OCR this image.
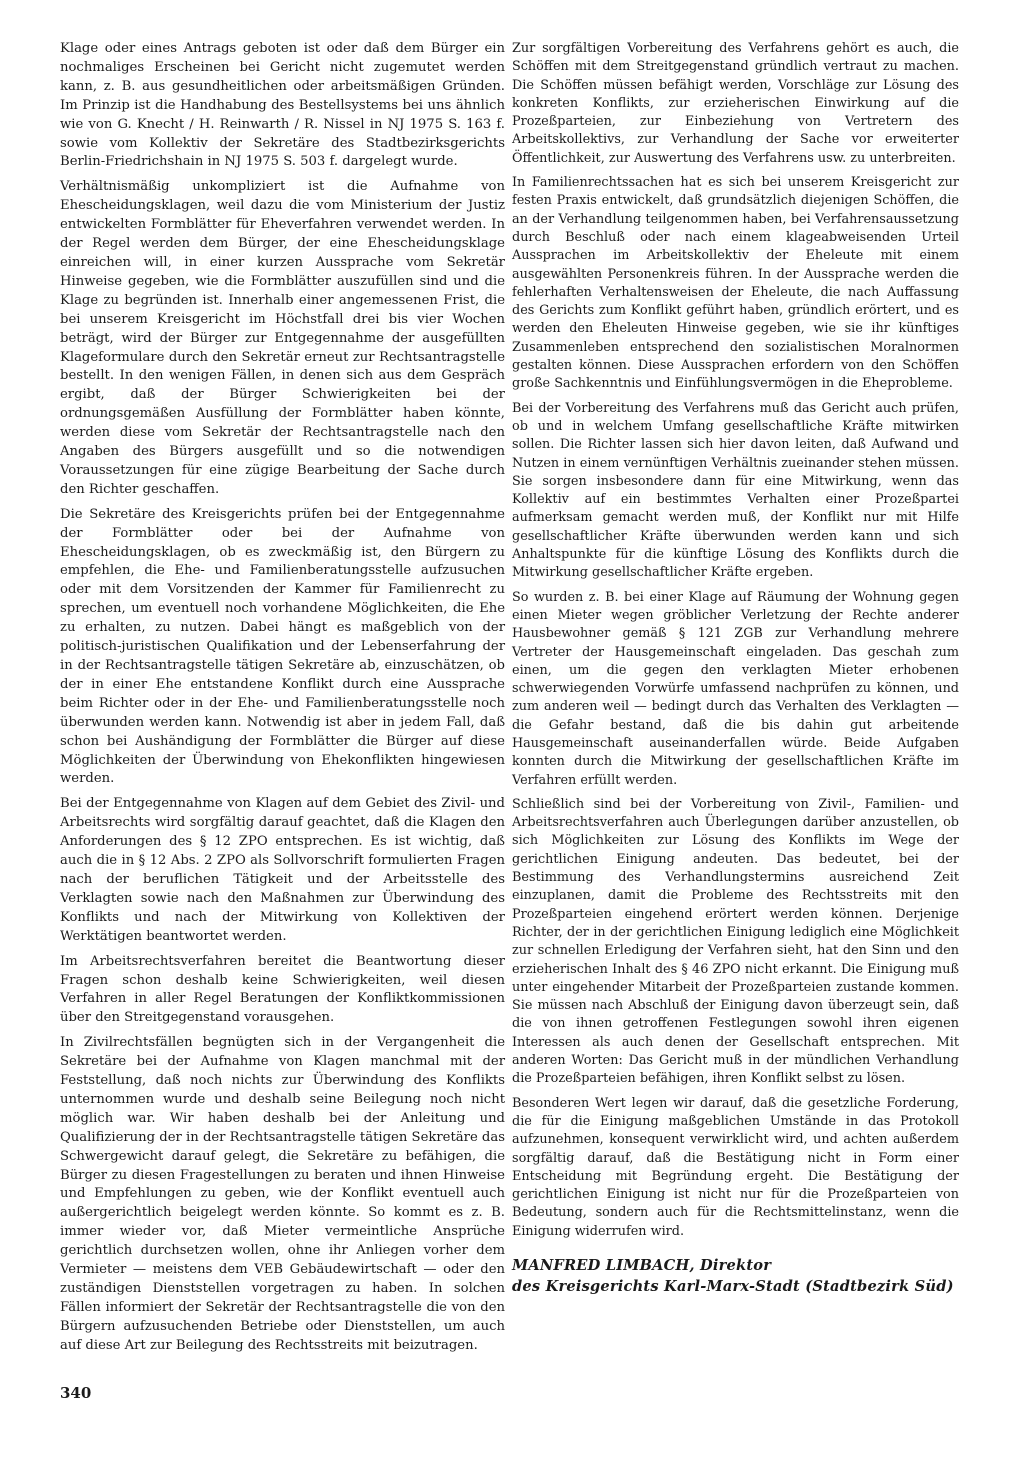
Klage oder eines Antrags geboten ist oder daß dem Bürger ein nochmaliges Erscheinen bei Gericht nicht zugemutet werden kann, z. B. aus gesundheitlichen oder arbeitsmäßigen Gründen. Im Prinzip ist die Handhabung des Bestellsystems bei uns ähnlich wie von G. Knecht / H. Reinwarth / R. Nissel in NJ 1975 S. 163 f. sowie vom Kollektiv der Sekretäre des Stadtbezirksgerichts Berlin-Friedrichshain in NJ 1975 S. 503 f. dargelegt wurde.

Verhältnismäßig unkompliziert ist die Aufnahme von Ehescheidungsklagen, weil dazu die vom Ministerium der Justiz entwickelten Formblätter für Eheverfahren verwendet werden. In der Regel werden dem Bürger, der eine Ehescheidungsklage einreichen will, in einer kurzen Aussprache vom Sekretär Hinweise gegeben, wie die Formblätter auszufüllen sind und die Klage zu begründen ist. Innerhalb einer angemessenen Frist, die bei unserem Kreisgericht im Höchstfall drei bis vier Wochen beträgt, wird der Bürger zur Entgegennahme der ausgefüllten Klageformulare durch den Sekretär erneut zur Rechtsantragstelle bestellt. In den wenigen Fällen, in denen sich aus dem Gespräch ergibt, daß der Bürger Schwierigkeiten bei der ordnungsgemäßen Ausfüllung der Formblätter haben könnte, werden diese vom Sekretär der Rechtsantragstelle nach den Angaben des Bürgers ausgefüllt und so die notwendigen Voraussetzungen für eine zügige Bearbeitung der Sache durch den Richter geschaffen.

Die Sekretäre des Kreisgerichts prüfen bei der Entgegennahme der Formblätter oder bei der Aufnahme von Ehescheidungsklagen, ob es zweckmäßig ist, den Bürgern zu empfehlen, die Ehe- und Familienberatungsstelle aufzusuchen oder mit dem Vorsitzenden der Kammer für Familienrecht zu sprechen, um eventuell noch vorhandene Möglichkeiten, die Ehe zu erhalten, zu nutzen. Dabei hängt es maßgeblich von der politisch-juristischen Qualifikation und der Lebenserfahrung der in der Rechtsantragstelle tätigen Sekretäre ab, einzuschätzen, ob der in einer Ehe entstandene Konflikt durch eine Aussprache beim Richter oder in der Ehe- und Familienberatungsstelle noch überwunden werden kann. Notwendig ist aber in jedem Fall, daß schon bei Aushändigung der Formblätter die Bürger auf diese Möglichkeiten der Überwindung von Ehekonflikten hingewiesen werden.

Bei der Entgegennahme von Klagen auf dem Gebiet des Zivil- und Arbeitsrechts wird sorgfältig darauf geachtet, daß die Klagen den Anforderungen des § 12 ZPO entsprechen. Es ist wichtig, daß auch die in § 12 Abs. 2 ZPO als Sollvorschrift formulierten Fragen nach der beruflichen Tätigkeit und der Arbeitsstelle des Verklagten sowie nach den Maßnahmen zur Überwindung des Konflikts und nach der Mitwirkung von Kollektiven der Werktätigen beantwortet werden.

Im Arbeitsrechtsverfahren bereitet die Beantwortung dieser Fragen schon deshalb keine Schwierigkeiten, weil diesen Verfahren in aller Regel Beratungen der Konfliktkommissionen über den Streitgegenstand vorausgehen.

In Zivilrechtsfällen begnügten sich in der Vergangenheit die Sekretäre bei der Aufnahme von Klagen manchmal mit der Feststellung, daß noch nichts zur Überwindung des Konflikts unternommen wurde und deshalb seine Beilegung noch nicht möglich war. Wir haben deshalb bei der Anleitung und Qualifizierung der in der Rechtsantragstelle tätigen Sekretäre das Schwergewicht darauf gelegt, die Sekretäre zu befähigen, die Bürger zu diesen Fragestellungen zu beraten und ihnen Hinweise und Empfehlungen zu geben, wie der Konflikt eventuell auch außergerichtlich beigelegt werden könnte. So kommt es z. B. immer wieder vor, daß Mieter vermeintliche Ansprüche gerichtlich durchsetzen wollen, ohne ihr Anliegen vorher dem Vermieter — meistens dem VEB Gebäudewirtschaft — oder den zuständigen Dienststellen vorgetragen zu haben. In solchen Fällen informiert der Sekretär der Rechtsantragstelle die von den Bürgern aufzusuchenden Betriebe oder Dienststellen, um auch auf diese Art zur Beilegung des Rechtsstreits mit beizutragen.

Zur sorgfältigen Vorbereitung des Verfahrens gehört es auch, die Schöffen mit dem Streitgegenstand gründlich vertraut zu machen. Die Schöffen müssen befähigt werden, Vorschläge zur Lösung des konkreten Konflikts, zur erzieherischen Einwirkung auf die Prozeßparteien, zur Einbeziehung von Vertretern des Arbeitskollektivs, zur Verhandlung der Sache vor erweiterter Öffentlichkeit, zur Auswertung des Verfahrens usw. zu unterbreiten.

In Familienrechtssachen hat es sich bei unserem Kreisgericht zur festen Praxis entwickelt, daß grundsätzlich diejenigen Schöffen, die an der Verhandlung teilgenommen haben, bei Verfahrensaussetzung durch Beschluß oder nach einem klageabweisenden Urteil Aussprachen im Arbeitskollektiv der Eheleute mit einem ausgewählten Personenkreis führen. In der Aussprache werden die fehlerhaften Verhaltensweisen der Eheleute, die nach Auffassung des Gerichts zum Konflikt geführt haben, gründlich erörtert, und es werden den Eheleuten Hinweise gegeben, wie sie ihr künftiges Zusammenleben entsprechend den sozialistischen Moralnormen gestalten können. Diese Aussprachen erfordern von den Schöffen große Sachkenntnis und Einfühlungsvermögen in die Eheprobleme.

Bei der Vorbereitung des Verfahrens muß das Gericht auch prüfen, ob und in welchem Umfang gesellschaftliche Kräfte mitwirken sollen. Die Richter lassen sich hier davon leiten, daß Aufwand und Nutzen in einem vernünftigen Verhältnis zueinander stehen müssen. Sie sorgen insbesondere dann für eine Mitwirkung, wenn das Kollektiv auf ein bestimmtes Verhalten einer Prozeßpartei aufmerksam gemacht werden muß, der Konflikt nur mit Hilfe gesellschaftlicher Kräfte überwunden werden kann und sich Anhaltspunkte für die künftige Lösung des Konflikts durch die Mitwirkung gesellschaftlicher Kräfte ergeben.

So wurden z. B. bei einer Klage auf Räumung der Wohnung gegen einen Mieter wegen gröblicher Verletzung der Rechte anderer Hausbewohner gemäß § 121 ZGB zur Verhandlung mehrere Vertreter der Hausgemeinschaft eingeladen. Das geschah zum einen, um die gegen den verklagten Mieter erhobenen schwerwiegenden Vorwürfe umfassend nachprüfen zu können, und zum anderen weil — bedingt durch das Verhalten des Verklagten — die Gefahr bestand, daß die bis dahin gut arbeitende Hausgemeinschaft auseinanderfallen würde. Beide Aufgaben konnten durch die Mitwirkung der gesellschaftlichen Kräfte im Verfahren erfüllt werden.

Schließlich sind bei der Vorbereitung von Zivil-, Familien- und Arbeitsrechtsverfahren auch Überlegungen darüber anzustellen, ob sich Möglichkeiten zur Lösung des Konflikts im Wege der gerichtlichen Einigung andeuten. Das bedeutet, bei der Bestimmung des Verhandlungstermins ausreichend Zeit einzuplanen, damit die Probleme des Rechtsstreits mit den Prozeßparteien eingehend erörtert werden können. Derjenige Richter, der in der gerichtlichen Einigung lediglich eine Möglichkeit zur schnellen Erledigung der Verfahren sieht, hat den Sinn und den erzieherischen Inhalt des § 46 ZPO nicht erkannt. Die Einigung muß unter eingehender Mitarbeit der Prozeßparteien zustande kommen. Sie müssen nach Abschluß der Einigung davon überzeugt sein, daß die von ihnen getroffenen Festlegungen sowohl ihren eigenen Interessen als auch denen der Gesellschaft entsprechen. Mit anderen Worten: Das Gericht muß in der mündlichen Verhandlung die Prozeßparteien befähigen, ihren Konflikt selbst zu lösen.

Besonderen Wert legen wir darauf, daß die gesetzliche Forderung, die für die Einigung maßgeblichen Umstände in das Protokoll aufzunehmen, konsequent verwirklicht wird, und achten außerdem sorgfältig darauf, daß die Bestätigung nicht in Form einer Entscheidung mit Begründung ergeht. Die Bestätigung der gerichtlichen Einigung ist nicht nur für die Prozeßparteien von Bedeutung, sondern auch für die Rechtsmittelinstanz, wenn die Einigung widerrufen wird.

MANFRED LIMBACH, Direktor
des Kreisgerichts Karl-Marx-Stadt (Stadtbezirk Süd)
340
